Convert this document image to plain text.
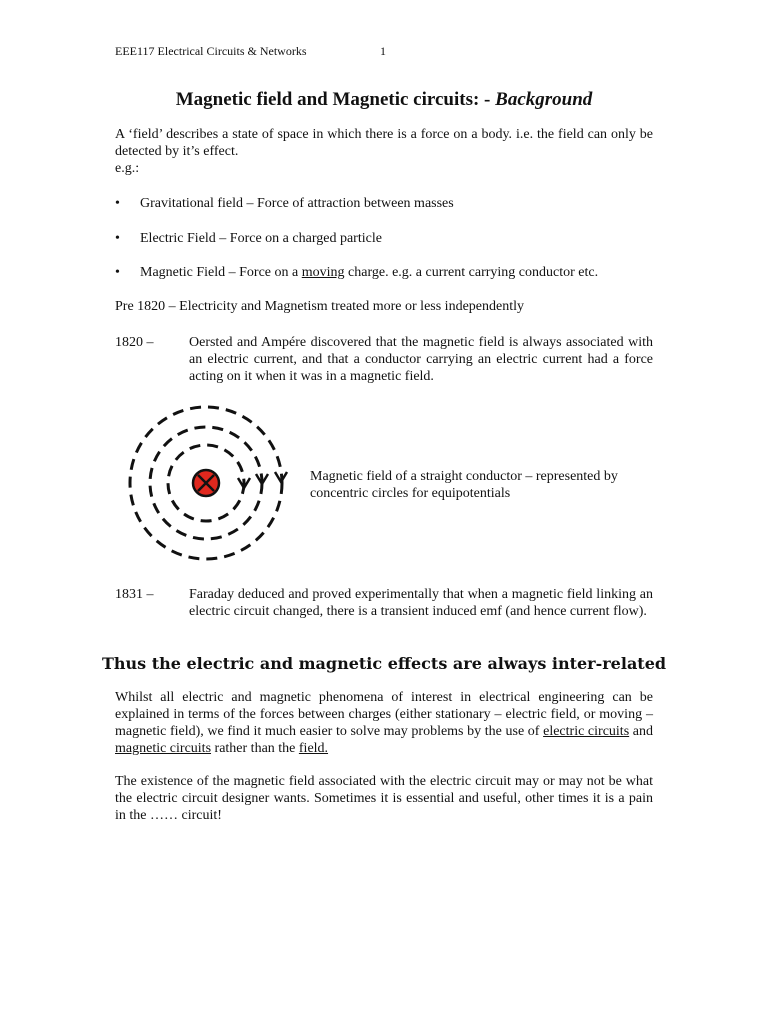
EEE117 Electrical Circuits & Networks	1
Magnetic field and Magnetic circuits: - Background
A ‘field’ describes a state of space in which there is a force on a body. i.e. the field can only be detected by it’s effect.
e.g.:
• Gravitational field – Force of attraction between masses
• Electric Field – Force on a charged particle
• Magnetic Field – Force on a moving charge. e.g. a current carrying conductor etc.
Pre 1820 – Electricity and Magnetism treated more or less independently
1820 –	Oersted and Ampére discovered that the magnetic field is always associated with an electric current, and that a conductor carrying an electric current had a force acting on it when it was in a magnetic field.
Magnetic field of a straight conductor – represented by concentric circles for equipotentials
1831 –	Faraday deduced and proved experimentally that when a magnetic field linking an electric circuit changed, there is a transient induced emf (and hence current flow).
Thus the electric and magnetic effects are always inter-related
Whilst all electric and magnetic phenomena of interest in electrical engineering can be explained in terms of the forces between charges (either stationary – electric field, or moving – magnetic field), we find it much easier to solve may problems by the use of electric circuits and magnetic circuits rather than the field.
The existence of the magnetic field associated with the electric circuit may or may not be what the electric circuit designer wants. Sometimes it is essential and useful, other times it is a pain in the …… circuit!
